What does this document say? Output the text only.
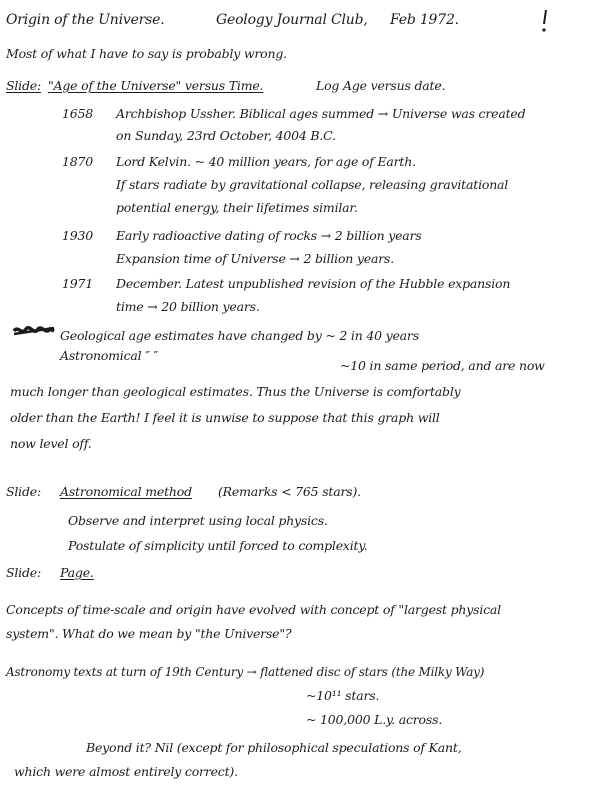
Origin of the Universe.	Geology Journal Club, Feb 1972.
Most of what I have to say is probably wrong.
Slide: "Age of the Universe" versus Time.	Log Age versus date.
1658 Archbishop Ussher. Biblical ages summed → Universe was created
on Sunday, 23rd October, 4004 B.C.
1870 Lord Kelvin. ~ 40 million years, for age of Earth.
If stars radiate by gravitational collapse, releasing gravitational
potential energy, their lifetimes similar.
1930 Early radioactive dating of rocks → 2 billion years
Expansion time of Universe → 2 billion years.
1971 December. Latest unpublished revision of the Hubble expansion
time → 20 billion years.
Geological age estimates have changed by ~ 2 in 40 years
Astronomical ″ ″
~10 in same period, and are now
much longer than geological estimates. Thus the Universe is comfortably
older than the Earth! I feel it is unwise to suppose that this graph will
now level off.
Slide: Astronomical method (Remarks < 765 stars).
Observe and interpret using local physics.
Postulate of simplicity until forced to complexity.
Slide: Page.
Concepts of time-scale and origin have evolved with concept of "largest physical
system". What do we mean by "the Universe"?
Astronomy texts at turn of 19th Century → flattened disc of stars (the Milky Way)
~10¹¹ stars.
~ 100,000 L.y. across.
Beyond it? Nil (except for philosophical speculations of Kant,
which were almost entirely correct).
